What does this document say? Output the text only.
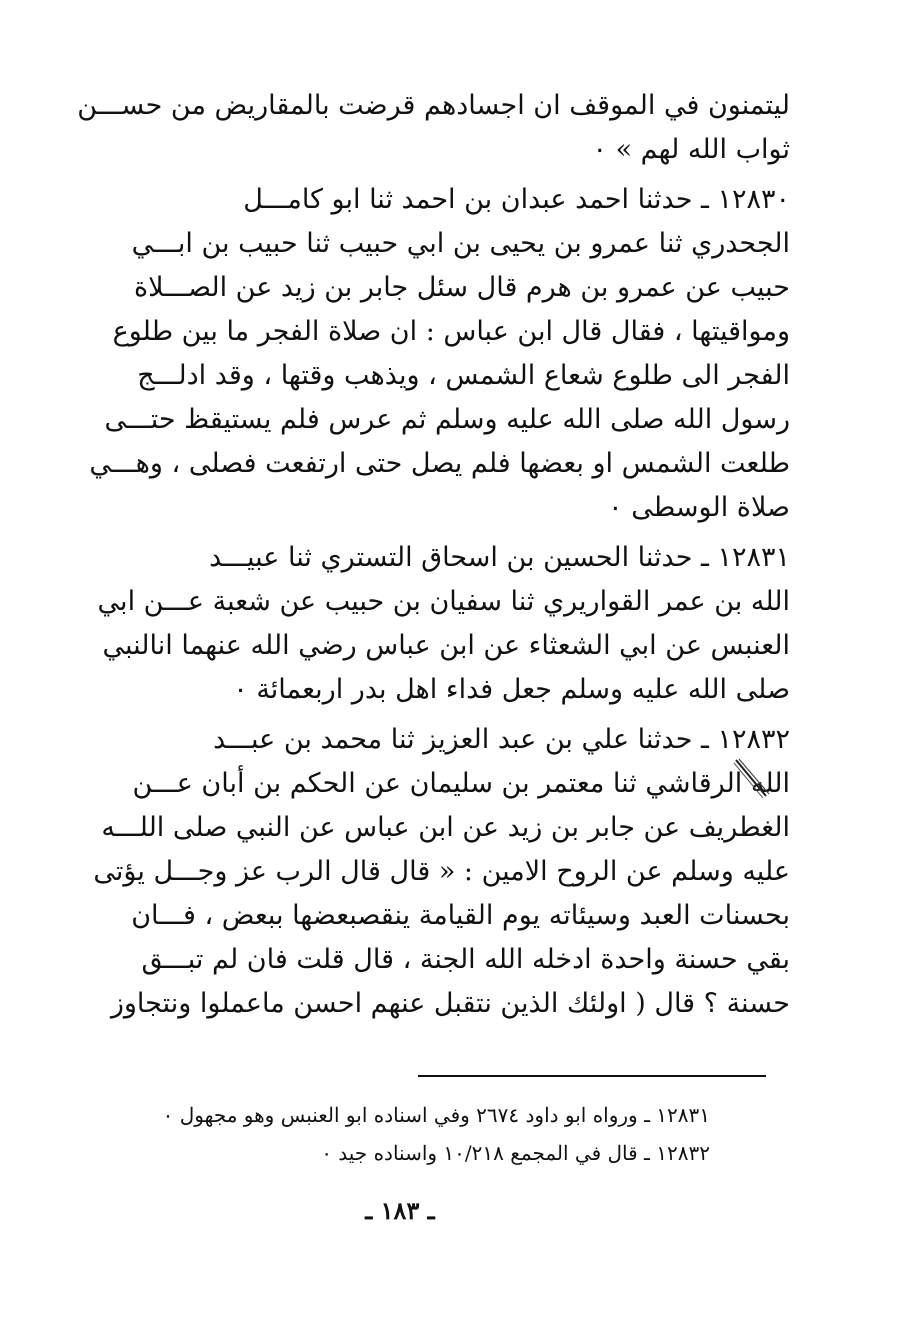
ليتمنون في الموقف ان اجسادهم قرضت بالمقاريض من حســـن
ثواب الله لهم » ٠
١٢٨٣٠ ـ حدثنا احمد عبدان بن احمد ثنا ابو كامـــل
الجحدري ثنا عمرو بن يحيى بن ابي حبيب ثنا حبيب بن ابـــي
حبيب عن عمرو بن هرم قال سئل جابر بن زيد عن الصـــلاة
ومواقيتها ، فقال قال ابن عباس : ان صلاة الفجر ما بين طلوع
الفجر الى طلوع شعاع الشمس ، ويذهب وقتها ، وقد ادلـــج
رسول الله صلى الله عليه وسلم ثم عرس فلم يستيقظ حتـــى
طلعت الشمس او بعضها فلم يصل حتى ارتفعت فصلى ، وهـــي
صلاة الوسطى ٠
١٢٨٣١ ـ حدثنا الحسين بن اسحاق التستري ثنا عبيـــد
الله بن عمر القواريري ثنا سفيان بن حبيب عن شعبة عـــن ابي
العنبس عن ابي الشعثاء عن ابن عباس رضي الله عنهما انالنبي
صلى الله عليه وسلم جعل فداء اهل بدر اربعمائة ٠
١٢٨٣٢ ـ حدثنا علي بن عبد العزيز ثنا محمد بن عبـــد
الله الرقاشي ثنا معتمر بن سليمان عن الحكم بن أبان عـــن
الغطريف عن جابر بن زيد عن ابن عباس عن النبي صلى اللـــه
عليه وسلم عن الروح الامين : « قال قال الرب عز وجـــل يؤتى
بحسنات العبد وسيئاته يوم القيامة ينقصبعضها ببعض ، فـــان
بقي حسنة واحدة ادخله الله الجنة ، قال قلت فان لم تبـــق
حسنة ؟ قال ( اولئك الذين نتقبل عنهم احسن ماعملوا ونتجاوز
١٢٨٣١ ـ ورواه ابو داود ٢٦٧٤ وفي اسناده ابو العنبس وهو مجهول ٠
١٢٨٣٢ ـ قال في المجمع ١٠/٢١٨ واسناده جيد ٠
ـ ١٨٣ ـ
